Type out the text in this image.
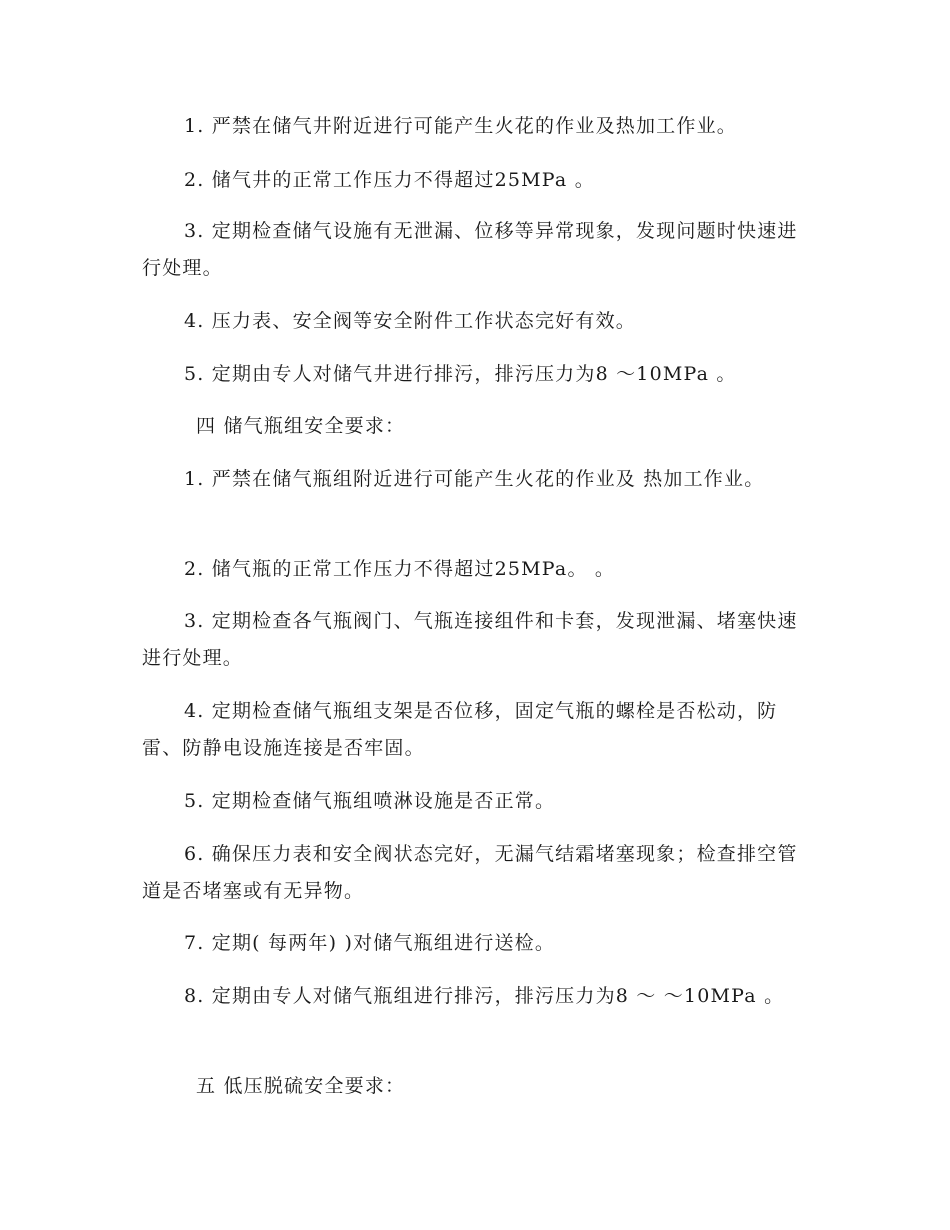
1. 严禁在储气井附近进行可能产生火花的作业及热加工作业。

2. 储气井的正常工作压力不得超过25MPa 。

3. 定期检查储气设施有无泄漏、位移等异常现象，发现问题时快速进行处理。

4. 压力表、安全阀等安全附件工作状态完好有效。

5. 定期由专人对储气井进行排污，排污压力为8 ～10MPa 。

四 储气瓶组安全要求：

1. 严禁在储气瓶组附近进行可能产生火花的作业及 热加工作业。

2. 储气瓶的正常工作压力不得超过25MPa。 。

3. 定期检查各气瓶阀门、气瓶连接组件和卡套，发现泄漏、堵塞快速进行处理。

4. 定期检查储气瓶组支架是否位移，固定气瓶的螺栓是否松动，防雷、防静电设施连接是否牢固。

5. 定期检查储气瓶组喷淋设施是否正常。

6. 确保压力表和安全阀状态完好，无漏气结霜堵塞现象；检查排空管道是否堵塞或有无异物。

7. 定期( 每两年) )对储气瓶组进行送检。

8. 定期由专人对储气瓶组进行排污，排污压力为8 ～ ～10MPa 。

五 低压脱硫安全要求：
